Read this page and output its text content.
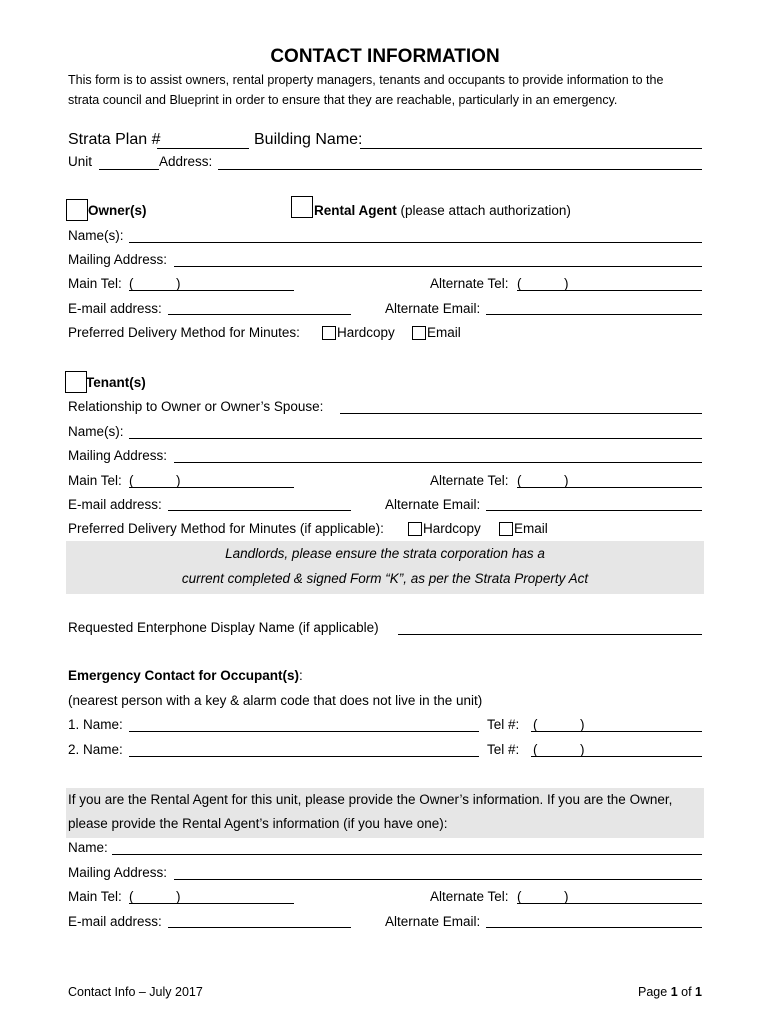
CONTACT INFORMATION
This form is to assist owners, rental property managers, tenants and occupants to provide information to the
strata council and Blueprint in order to ensure that they are reachable, particularly in an emergency.
Strata Plan #	Building Name:
Unit	Address:
Owner(s)	Rental Agent (please attach authorization)
Name(s):
Mailing Address:
Main Tel: (	)	Alternate Tel: (	)
E-mail address:	Alternate Email:
Preferred Delivery Method for Minutes:	Hardcopy Email
Tenant(s)
Relationship to Owner or Owner’s Spouse:
Name(s):
Mailing Address:
Main Tel: (	)	Alternate Tel: (	)
E-mail address:	Alternate Email:
Preferred Delivery Method for Minutes (if applicable):	Hardcopy Email
Landlords, please ensure the strata corporation has a
current completed & signed Form “K”, as per the Strata Property Act
Requested Enterphone Display Name (if applicable)
Emergency Contact for Occupant(s):
(nearest person with a key & alarm code that does not live in the unit)
1. Name:	Tel #: (	)
2. Name:	Tel #: (	)
If you are the Rental Agent for this unit, please provide the Owner’s information. If you are the Owner,
please provide the Rental Agent’s information (if you have one):
Name:
Mailing Address:
Main Tel: (	)	Alternate Tel: (	)
E-mail address:	Alternate Email:
Contact Info – July 2017	Page 1 of 1
